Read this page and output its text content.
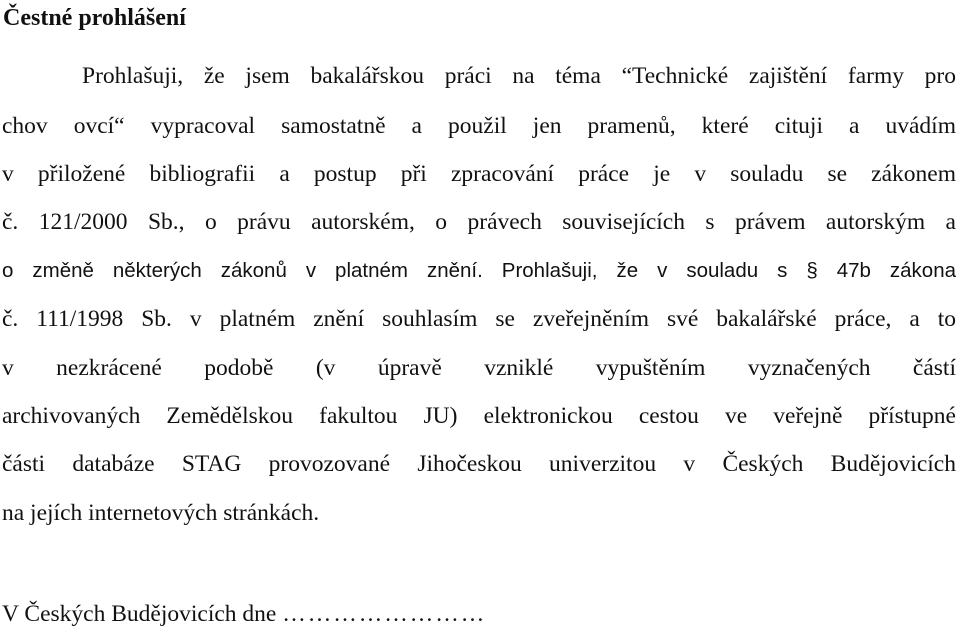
Čestné prohlášení
Prohlašuji, že jsem bakalářskou práci na téma “Technické zajištění farmy pro
chov ovcí“ vypracoval samostatně a použil jen pramenů, které cituji a uvádím
v přiložené bibliografii a postup při zpracování práce je v souladu se zákonem
č. 121/2000 Sb., o právu autorském, o právech souvisejících s právem autorským a
o změně některých zákonů v platném znění. Prohlašuji, že v souladu s § 47b zákona
č. 111/1998 Sb. v platném znění souhlasím se zveřejněním své bakalářské práce, a to
v nezkrácené podobě (v úpravě vzniklé vypuštěním vyznačených částí
archivovaných Zemědělskou fakultou JU) elektronickou cestou ve veřejně přístupné
části databáze STAG provozované Jihočeskou univerzitou v Českých Budějovicích
na jejích internetových stránkách.
V Českých Budějovicích dne ……………………
